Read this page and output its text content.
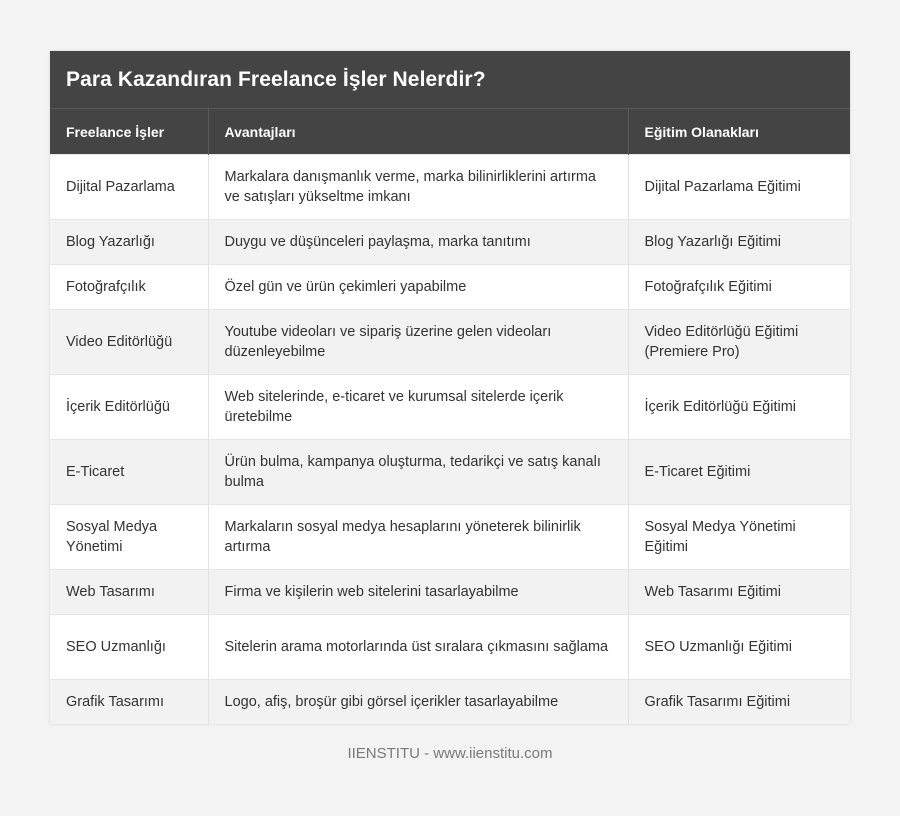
Para Kazandıran Freelance İşler Nelerdir?
Freelance İşler	Avantajları	Eğitim Olanakları
Dijital Pazarlama	Markalara danışmanlık verme, marka bilinirliklerini artırma ve satışları yükseltme imkanı	Dijital Pazarlama Eğitimi
Blog Yazarlığı	Duygu ve düşünceleri paylaşma, marka tanıtımı	Blog Yazarlığı Eğitimi
Fotoğrafçılık	Özel gün ve ürün çekimleri yapabilme	Fotoğrafçılık Eğitimi
Video Editörlüğü	Youtube videoları ve sipariş üzerine gelen videoları düzenleyebilme	Video Editörlüğü Eğitimi (Premiere Pro)
İçerik Editörlüğü	Web sitelerinde, e-ticaret ve kurumsal sitelerde içerik üretebilme	İçerik Editörlüğü Eğitimi
E-Ticaret	Ürün bulma, kampanya oluşturma, tedarikçi ve satış kanalı bulma	E-Ticaret Eğitimi
Sosyal Medya Yönetimi	Markaların sosyal medya hesaplarını yöneterek bilinirlik artırma	Sosyal Medya Yönetimi Eğitimi
Web Tasarımı	Firma ve kişilerin web sitelerini tasarlayabilme	Web Tasarımı Eğitimi
SEO Uzmanlığı	Sitelerin arama motorlarında üst sıralara çıkmasını sağlama	SEO Uzmanlığı Eğitimi
Grafik Tasarımı	Logo, afiş, broşür gibi görsel içerikler tasarlayabilme	Grafik Tasarımı Eğitimi
IIENSTITU - www.iienstitu.com
